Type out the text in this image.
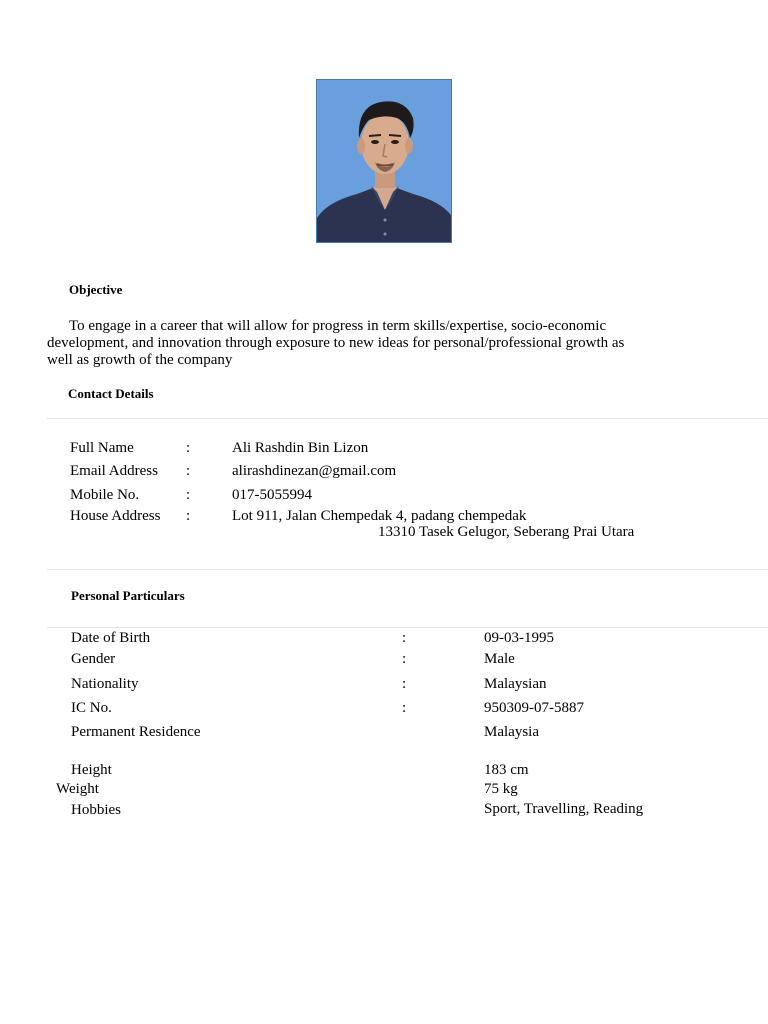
Objective
To engage in a career that will allow for progress in term skills/expertise, socio-economic development, and innovation through exposure to new ideas for personal/professional growth as well as growth of the company
Contact Details
Full Name	:	Ali Rashdin Bin Lizon
Email Address :	alirashdinezan@gmail.com
Mobile No.	:	017-5055994
House Address :	Lot 911, Jalan Chempedak 4, padang chempedak
13310 Tasek Gelugor, Seberang Prai Utara
Personal Particulars
Date of Birth	:	09-03-1995
Gender	:	Male
Nationality	:	Malaysian
IC No.	:	950309-07-5887
Permanent Residence	Malaysia
Height	183 cm
Weight	75 kg
Hobbies	Sport, Travelling, Reading
